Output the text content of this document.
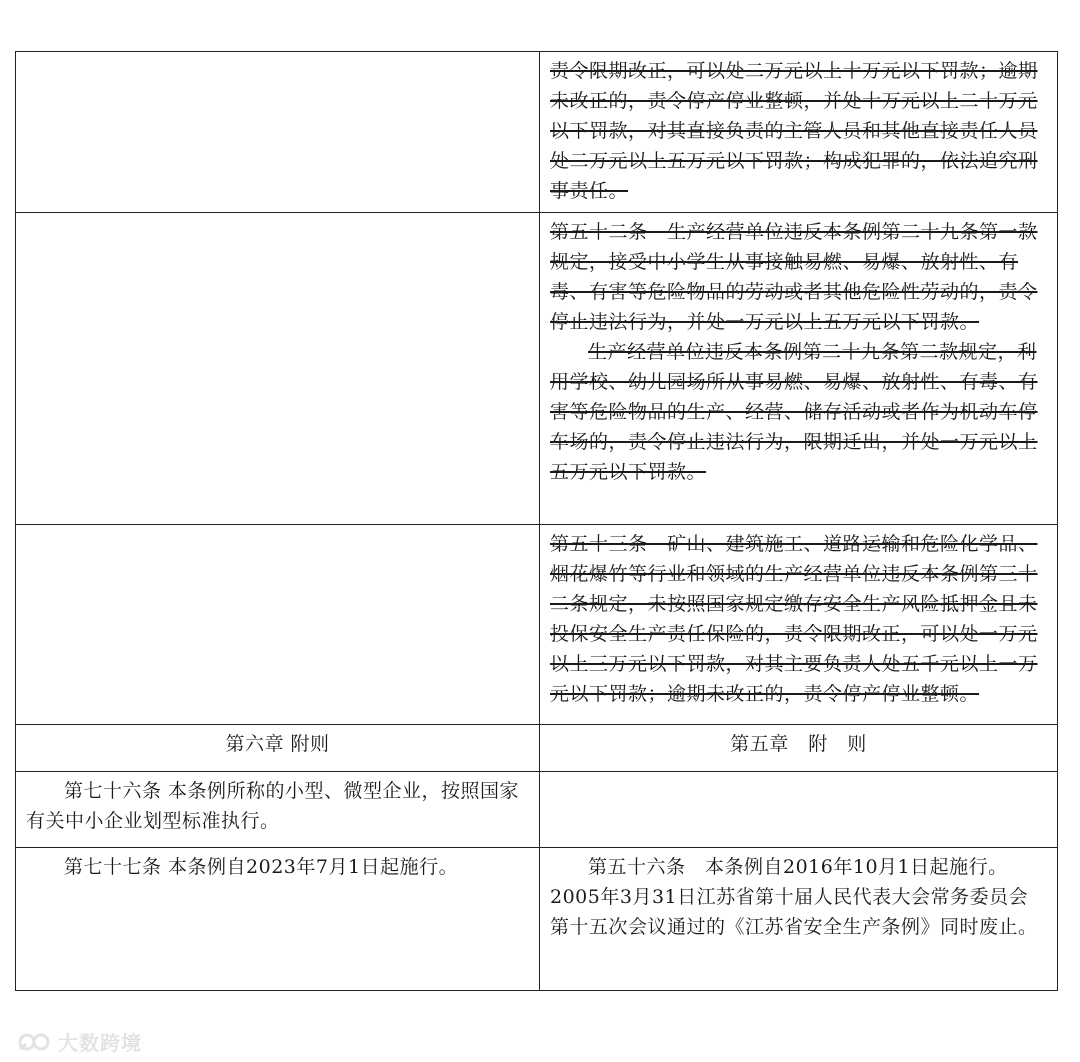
	责令限期改正，可以处二万元以上十万元以下罚款；逾期未改正的，责令停产停业整顿，并处十万元以上二十万元以下罚款，对其直接负责的主管人员和其他直接责任人员处二万元以上五万元以下罚款；构成犯罪的，依法追究刑事责任。

	第五十二条　生产经营单位违反本条例第二十九条第一款规定，接受中小学生从事接触易燃、易爆、放射性、有毒、有害等危险物品的劳动或者其他危险性劳动的，责令停止违法行为，并处一万元以上五万元以下罚款。

生产经营单位违反本条例第二十九条第二款规定，利用学校、幼儿园场所从事易燃、易爆、放射性、有毒、有害等危险物品的生产、经营、储存活动或者作为机动车停车场的，责令停止违法行为，限期迁出，并处一万元以上五万元以下罚款。

	第五十三条　矿山、建筑施工、道路运输和危险化学品、烟花爆竹等行业和领域的生产经营单位违反本条例第三十二条规定，未按照国家规定缴存安全生产风险抵押金且未投保安全生产责任保险的，责令限期改正，可以处一万元以上三万元以下罚款，对其主要负责人处五千元以上一万元以下罚款；逾期未改正的，责令停产停业整顿。

第六章 附则	第五章　附　则

第七十六条 本条例所称的小型、微型企业，按照国家有关中小企业划型标准执行。	

第七十七条 本条例自2023年7月1日起施行。	第五十六条　本条例自2016年10月1日起施行。

2005年3月31日江苏省第十届人民代表大会常务委员会第十五次会议通过的《江苏省安全生产条例》同时废止。

大数跨境
